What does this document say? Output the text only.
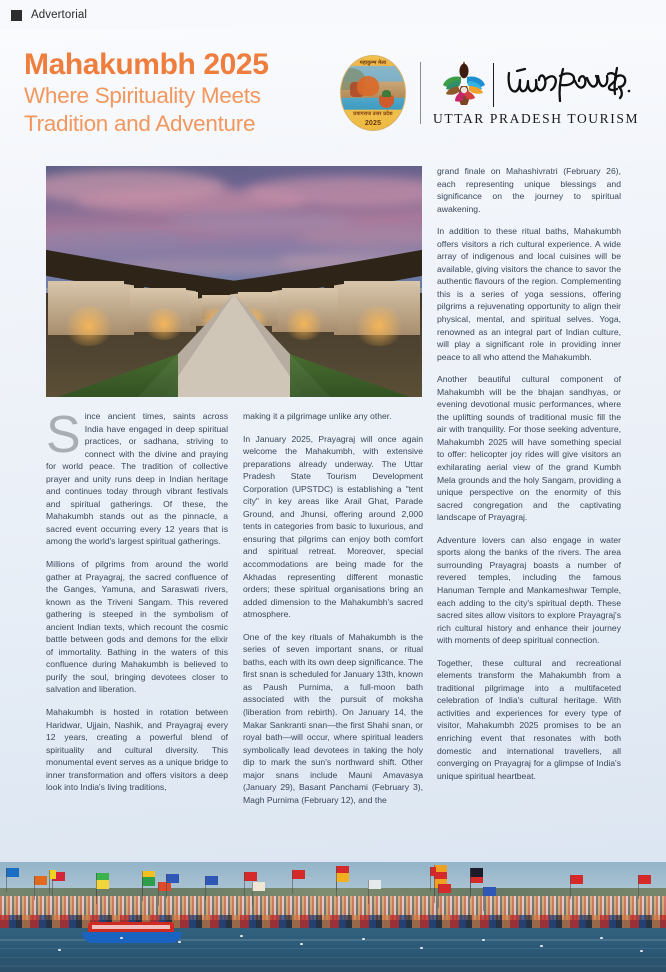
Advertorial
Mahakumbh 2025
Where Spirituality Meets
Tradition and Adventure
महाकुम्भ मेला
प्रयागराज उत्तर प्रदेश
2025	UTTAR PRADESH TOURISM

Since ancient times, saints across India have engaged in deep spiritual practices, or sadhana, striving to connect with the divine and praying for world peace. The tradition of collective prayer and unity runs deep in Indian heritage and continues today through vibrant festivals and spiritual gatherings. Of these, the Mahakumbh stands out as the pinnacle, a sacred event occurring every 12 years that is among the world's largest spiritual gatherings.

Millions of pilgrims from around the world gather at Prayagraj, the sacred confluence of the Ganges, Yamuna, and Saraswati rivers, known as the Triveni Sangam. This revered gathering is steeped in the symbolism of ancient Indian texts, which recount the cosmic battle between gods and demons for the elixir of immortality. Bathing in the waters of this confluence during Mahakumbh is believed to purify the soul, bringing devotees closer to salvation and liberation.

Mahakumbh is hosted in rotation between Haridwar, Ujjain, Nashik, and Prayagraj every 12 years, creating a powerful blend of spirituality and cultural diversity. This monumental event serves as a unique bridge to inner transformation and offers visitors a deep look into India's living traditions,

making it a pilgrimage unlike any other.

In January 2025, Prayagraj will once again welcome the Mahakumbh, with extensive preparations already underway. The Uttar Pradesh State Tourism Development Corporation (UPSTDC) is establishing a "tent city" in key areas like Arail Ghat, Parade Ground, and Jhunsi, offering around 2,000 tents in categories from basic to luxurious, and ensuring that pilgrims can enjoy both comfort and spiritual retreat. Moreover, special accommodations are being made for the Akhadas representing different monastic orders; these spiritual organisations bring an added dimension to the Mahakumbh's sacred atmosphere.

One of the key rituals of Mahakumbh is the series of seven important snans, or ritual baths, each with its own deep significance. The first snan is scheduled for January 13th, known as Paush Purnima, a full-moon bath associated with the pursuit of moksha (liberation from rebirth). On January 14, the Makar Sankranti snan—the first Shahi snan, or royal bath—will occur, where spiritual leaders symbolically lead devotees in taking the holy dip to mark the sun's northward shift. Other major snans include Mauni Amavasya (January 29), Basant Panchami (February 3), Magh Purnima (February 12), and the

grand finale on Mahashivratri (February 26), each representing unique blessings and significance on the journey to spiritual awakening.

In addition to these ritual baths, Mahakumbh offers visitors a rich cultural experience. A wide array of indigenous and local cuisines will be available, giving visitors the chance to savor the authentic flavours of the region. Complementing this is a series of yoga sessions, offering pilgrims a rejuvenating opportunity to align their physical, mental, and spiritual selves. Yoga, renowned as an integral part of Indian culture, will play a significant role in providing inner peace to all who attend the Mahakumbh.

Another beautiful cultural component of Mahakumbh will be the bhajan sandhyas, or evening devotional music performances, where the uplifting sounds of traditional music fill the air with tranquility. For those seeking adventure, Mahakumbh 2025 will have something special to offer: helicopter joy rides will give visitors an exhilarating aerial view of the grand Kumbh Mela grounds and the holy Sangam, providing a unique perspective on the enormity of this sacred congregation and the captivating landscape of Prayagraj.

Adventure lovers can also engage in water sports along the banks of the rivers. The area surrounding Prayagraj boasts a number of revered temples, including the famous Hanuman Temple and Mankameshwar Temple, each adding to the city's spiritual depth. These sacred sites allow visitors to explore Prayagraj's rich cultural history and enhance their journey with moments of deep spiritual connection.

Together, these cultural and recreational elements transform the Mahakumbh from a traditional pilgrimage into a multifaceted celebration of India's cultural heritage. With activities and experiences for every type of visitor, Mahakumbh 2025 promises to be an enriching event that resonates with both domestic and international travellers, all converging on Prayagraj for a glimpse of India's unique spiritual heartbeat.
